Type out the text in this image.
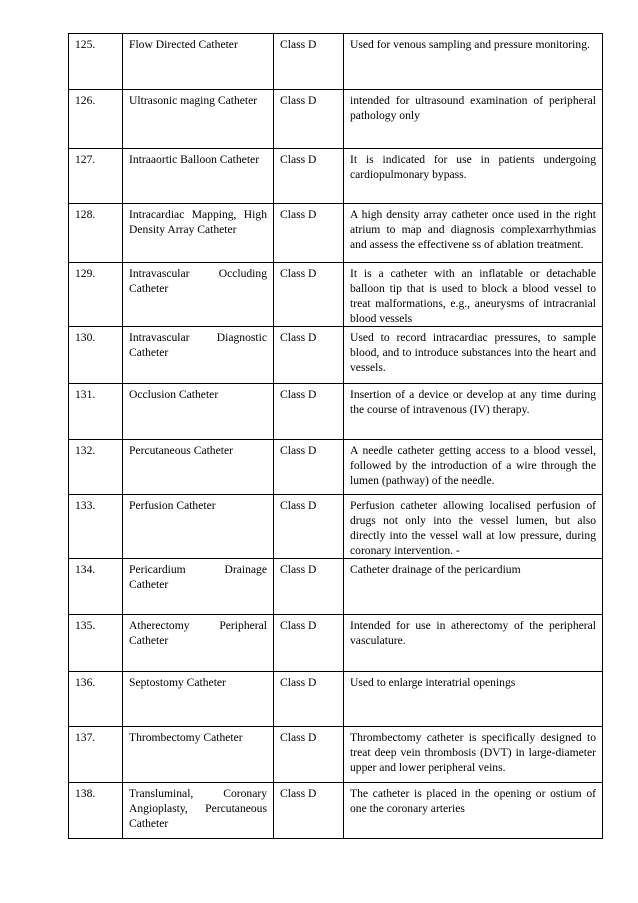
125.	Flow Directed Catheter	Class D	Used for venous sampling and pressure monitoring.
126.	Ultrasonic maging Catheter	Class D	intended for ultrasound examination of peripheral pathology only
127.	Intraaortic Balloon Catheter	Class D	It is indicated for use in patients undergoing cardiopulmonary bypass.
128.	Intracardiac Mapping, High Density Array Catheter	Class D	A high density array catheter once used in the right atrium to map and diagnosis complexarrhythmias and assess the effectivene ss of ablation treatment.
129.	Intravascular Occluding Catheter	Class D	It is a catheter with an inflatable or detachable balloon tip that is used to block a blood vessel to treat malformations, e.g., aneurysms of intracranial blood vessels
130.	Intravascular Diagnostic Catheter	Class D	Used to record intracardiac pressures, to sample blood, and to introduce substances into the heart and vessels.
131.	Occlusion Catheter	Class D	Insertion of a device or develop at any time during the course of intravenous (IV) therapy.
132.	Percutaneous Catheter	Class D	A needle catheter getting access to a blood vessel, followed by the introduction of a wire through the lumen (pathway) of the needle.
133.	Perfusion Catheter	Class D	Perfusion catheter allowing localised perfusion of drugs not only into the vessel lumen, but also directly into the vessel wall at low pressure, during coronary intervention. -
134.	Pericardium Drainage Catheter	Class D	Catheter drainage of the pericardium
135.	Atherectomy Peripheral Catheter	Class D	Intended for use in atherectomy of the peripheral vasculature.
136.	Septostomy Catheter	Class D	Used to enlarge interatrial openings
137.	Thrombectomy Catheter	Class D	Thrombectomy catheter is specifically designed to treat deep vein thrombosis (DVT) in large-diameter upper and lower peripheral veins.
138.	Transluminal, Coronary Angioplasty, Percutaneous Catheter	Class D	The catheter is placed in the opening or ostium of one the coronary arteries
